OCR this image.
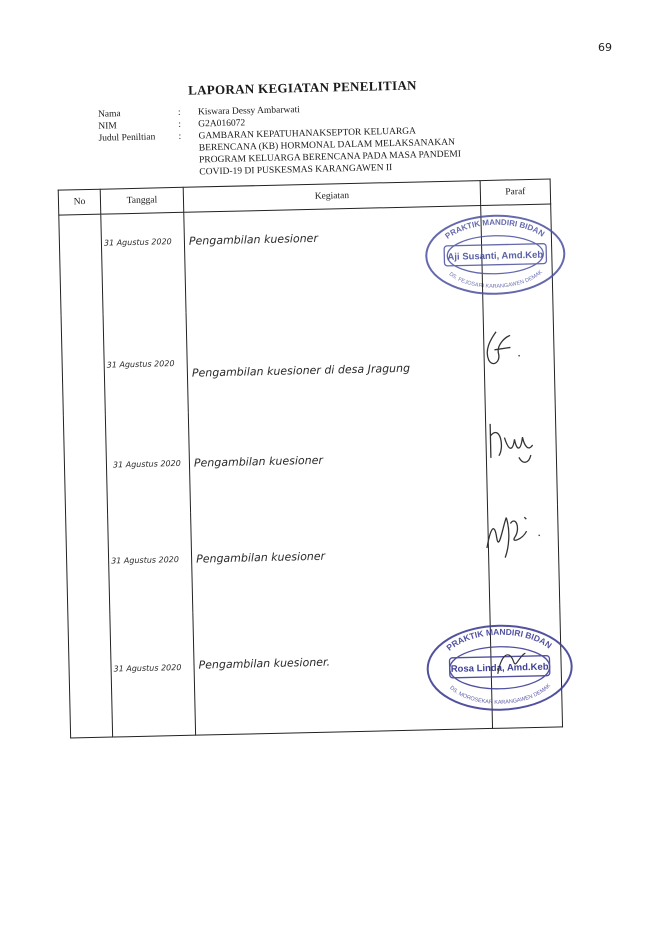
69
LAPORAN KEGIATAN PENELITIAN
Nama	:	Kiswara Dessy Ambarwati
NIM	:	G2A016072
Judul Peniltian	:	GAMBARAN KEPATUHANAKSEPTOR KELUARGA
BERENCANA (KB) HORMONAL DALAM MELAKSANAKAN
PROGRAM KELUARGA BERENCANA PADA MASA PANDEMI
COVID-19 DI PUSKESMAS KARANGAWEN II
No	Tanggal	Kegiatan	Paraf

	31 Agustus 2020	Pengambilan kuesioner	

	31 Agustus 2020	Pengambilan kuesioner di desa Jragung	

	31 Agustus 2020	Pengambilan kuesioner	

	31 Agustus 2020	Pengambilan kuesioner	

	31 Agustus 2020	Pengambilan kuesioner.	

PRAKTIK MANDIRI BIDAN
Aji Susanti, Amd.Keb
DS. FEJOSARI KARANGAWEN DEMAK
PRAKTIK MANDIRI BIDAN
Rosa Linda, Amd.Keb
DS. MOROSEKAR KARANGAWEN DEMAK
